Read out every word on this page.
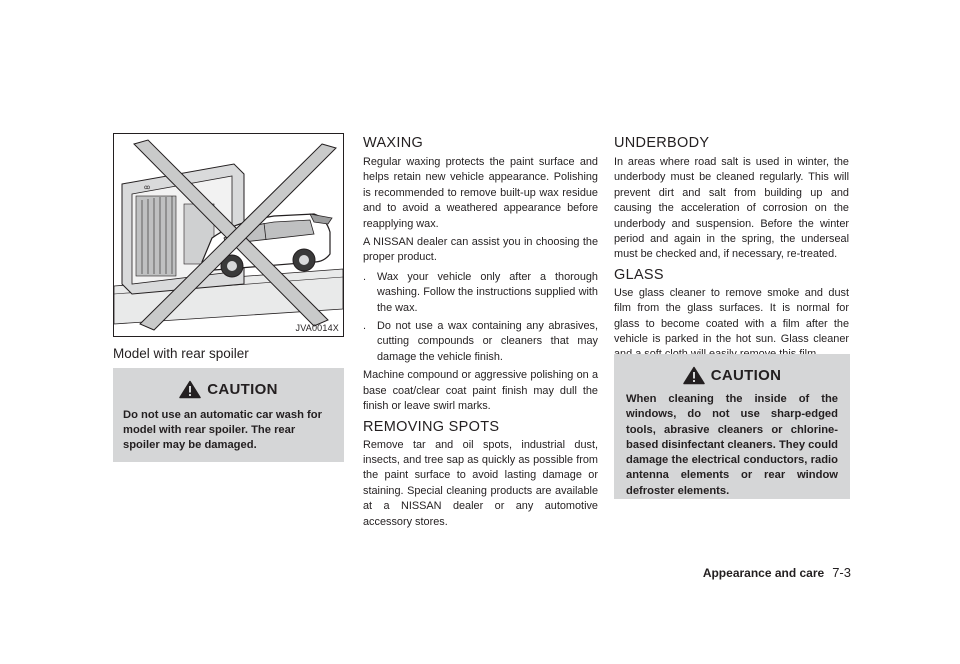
ꝏ
JVA0014X
Model with rear spoiler
CAUTION
Do not use an automatic car wash for model with rear spoiler. The rear spoiler may be damaged.
WAXING

Regular waxing protects the paint surface and helps retain new vehicle appearance. Polishing is recommended to remove built-up wax residue and to avoid a weathered appearance before reapplying wax.

A NISSAN dealer can assist you in choosing the proper product.

.	Wax your vehicle only after a thorough washing. Follow the instructions supplied with the wax.
.	Do not use a wax containing any abrasives, cutting compounds or cleaners that may damage the vehicle finish.

Machine compound or aggressive polishing on a base coat/clear coat paint finish may dull the finish or leave swirl marks.

REMOVING SPOTS

Remove tar and oil spots, industrial dust, insects, and tree sap as quickly as possible from the paint surface to avoid lasting damage or staining. Special cleaning products are available at a NISSAN dealer or any automotive accessory stores.

UNDERBODY

In areas where road salt is used in winter, the underbody must be cleaned regularly. This will prevent dirt and salt from building up and causing the acceleration of corrosion on the underbody and suspension. Before the winter period and again in the spring, the underseal must be checked and, if necessary, re-treated.

GLASS

Use glass cleaner to remove smoke and dust film from the glass surfaces. It is normal for glass to become coated with a film after the vehicle is parked in the hot sun. Glass cleaner

CAUTION
When cleaning the inside of the windows, do not use sharp-edged tools, abrasive cleaners or chlorine-based disinfectant cleaners. They could damage the electrical conductors, radio antenna elements or rear window defroster elements.
Appearance and care 7-3
